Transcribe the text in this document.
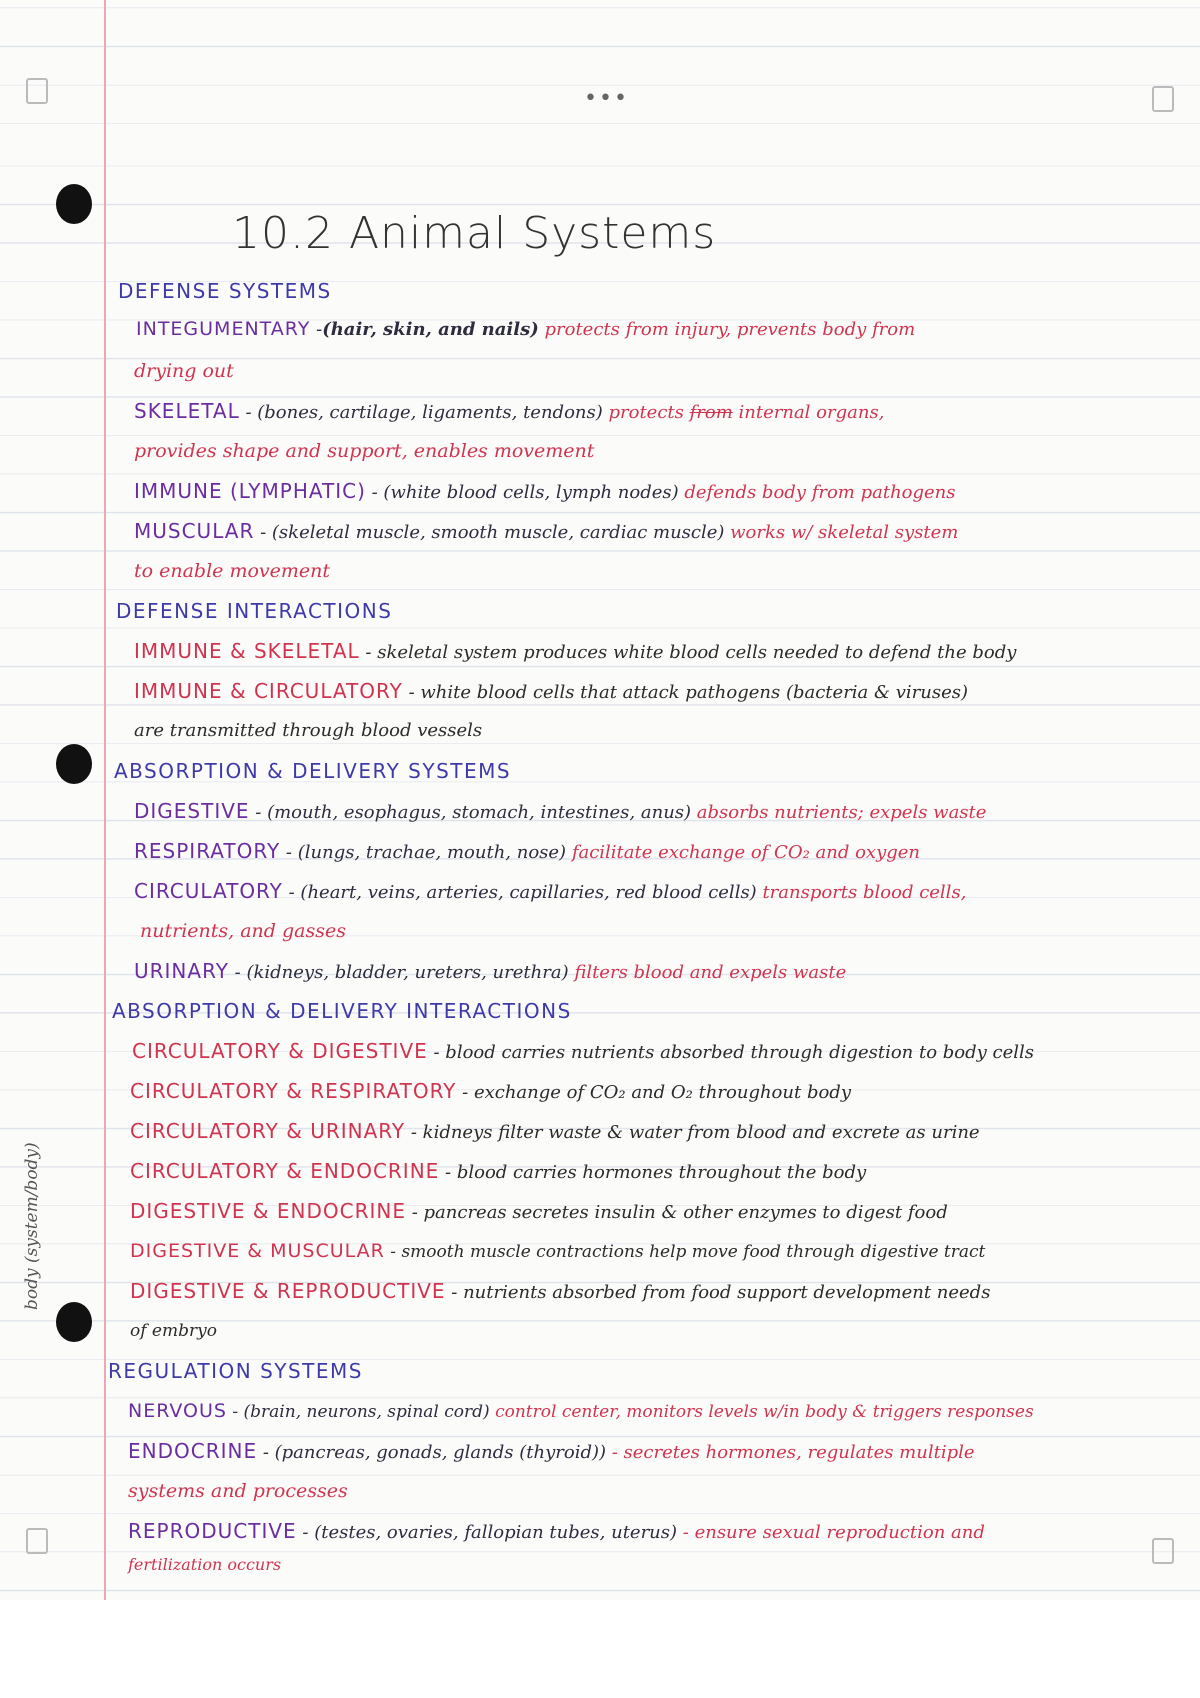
•••
body (system/body)
10.2 Animal Systems
DEFENSE SYSTEMS
INTEGUMENTARY -(hair, skin, and nails) protects from injury, prevents body from
drying out
SKELETAL - (bones, cartilage, ligaments, tendons) protects from internal organs,
provides shape and support, enables movement
IMMUNE (LYMPHATIC) - (white blood cells, lymph nodes) defends body from pathogens
MUSCULAR - (skeletal muscle, smooth muscle, cardiac muscle) works w/ skeletal system
to enable movement
DEFENSE INTERACTIONS
IMMUNE & SKELETAL - skeletal system produces white blood cells needed to defend the body
IMMUNE & CIRCULATORY - white blood cells that attack pathogens (bacteria & viruses)
are transmitted through blood vessels
ABSORPTION & DELIVERY SYSTEMS
DIGESTIVE - (mouth, esophagus, stomach, intestines, anus) absorbs nutrients; expels waste
RESPIRATORY - (lungs, trachae, mouth, nose) facilitate exchange of CO₂ and oxygen
CIRCULATORY - (heart, veins, arteries, capillaries, red blood cells) transports blood cells,
nutrients, and gasses
URINARY - (kidneys, bladder, ureters, urethra) filters blood and expels waste
ABSORPTION & DELIVERY INTERACTIONS
CIRCULATORY & DIGESTIVE - blood carries nutrients absorbed through digestion to body cells
CIRCULATORY & RESPIRATORY - exchange of CO₂ and O₂ throughout body
CIRCULATORY & URINARY - kidneys filter waste & water from blood and excrete as urine
CIRCULATORY & ENDOCRINE - blood carries hormones throughout the body
DIGESTIVE & ENDOCRINE - pancreas secretes insulin & other enzymes to digest food
DIGESTIVE & MUSCULAR - smooth muscle contractions help move food through digestive tract
DIGESTIVE & REPRODUCTIVE - nutrients absorbed from food support development needs
of embryo
REGULATION SYSTEMS
NERVOUS - (brain, neurons, spinal cord) control center, monitors levels w/in body & triggers responses
ENDOCRINE - (pancreas, gonads, glands (thyroid)) - secretes hormones, regulates multiple
systems and processes
REPRODUCTIVE - (testes, ovaries, fallopian tubes, uterus) - ensure sexual reproduction and
fertilization occurs
